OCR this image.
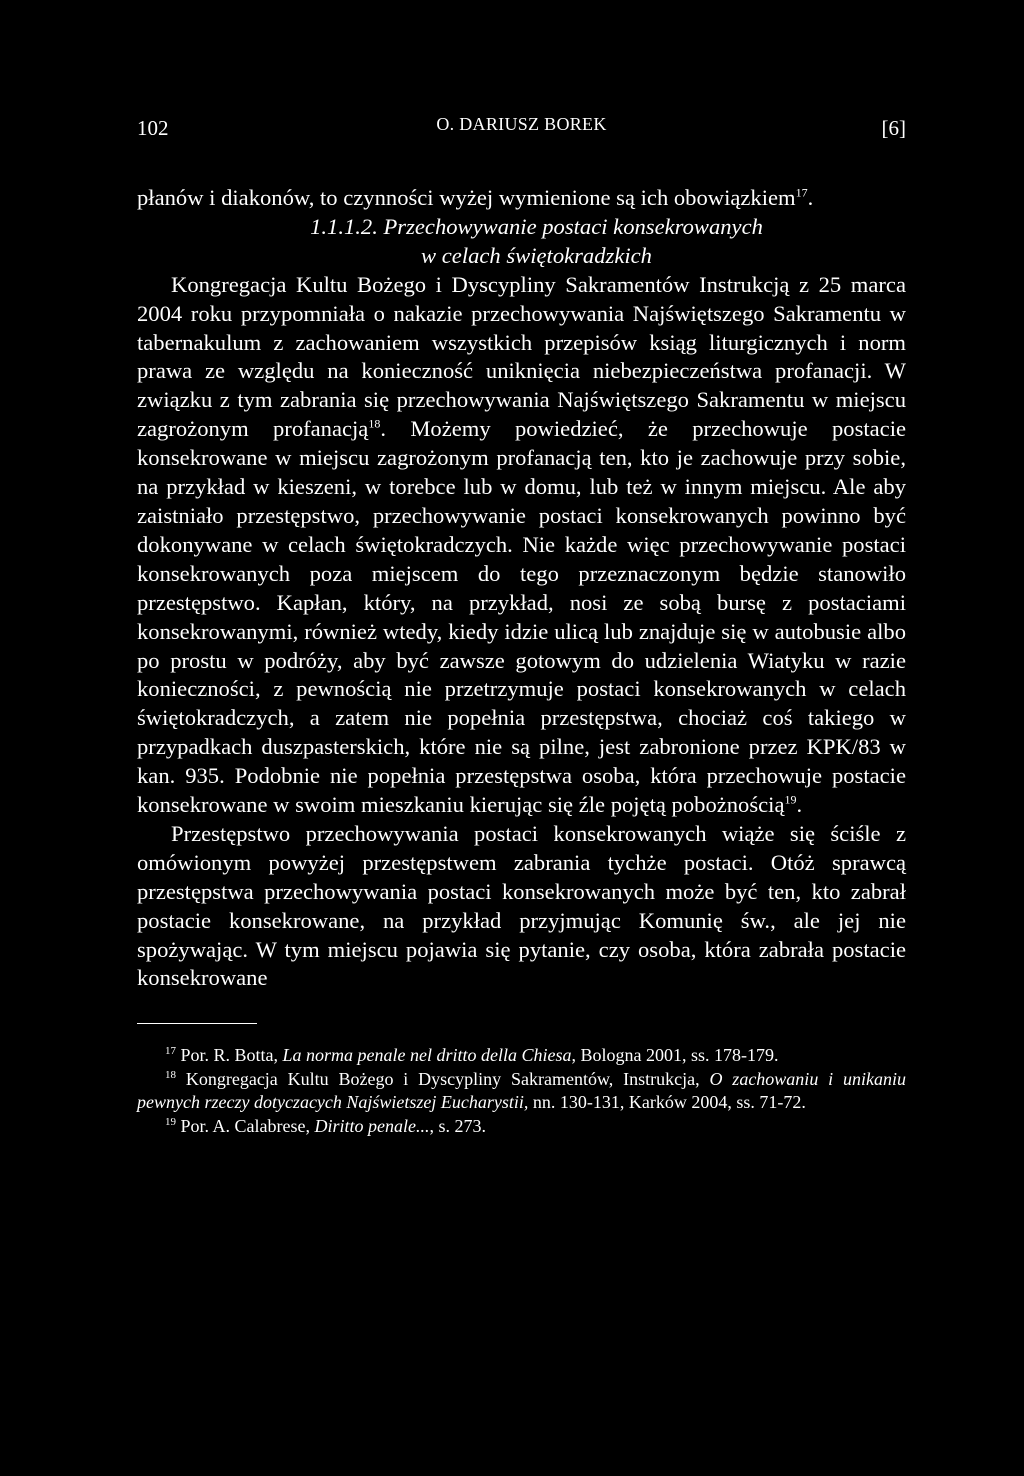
102	O. DARIUSZ BOREK	[6]

płanów i diakonów, to czynności wyżej wymienione są ich obowiązkiem$^{17}$.

1.1.1.2. Przechowywanie postaci konsekrowanych
w celach świętokradzkich

Kongregacja Kultu Bożego i Dyscypliny Sakramentów Instrukcją z 25 marca 2004 roku przypomniała o nakazie przechowywania Najświętszego Sakramentu w tabernakulum z zachowaniem wszystkich przepisów ksiąg liturgicznych i norm prawa ze względu na konieczność uniknięcia niebezpieczeństwa profanacji. W związku z tym zabrania się przechowywania Najświętszego Sakramentu w miejscu zagrożonym profanacją$^{18}$. Możemy powiedzieć, że przechowuje postacie konsekrowane w miejscu zagrożonym profanacją ten, kto je zachowuje przy sobie, na przykład w kieszeni, w torebce lub w domu, lub też w innym miejscu. Ale aby zaistniało przestępstwo, przechowywanie postaci konsekrowanych powinno być dokonywane w celach świętokradczych. Nie każde więc przechowywanie postaci konsekrowanych poza miejscem do tego przeznaczonym będzie stanowiło przestępstwo. Kapłan, który, na przykład, nosi ze sobą bursę z postaciami konsekrowanymi, również wtedy, kiedy idzie ulicą lub znajduje się w autobusie albo po prostu w podróży, aby być zawsze gotowym do udzielenia Wiatyku w razie konieczności, z pewnością nie przetrzymuje postaci konsekrowanych w celach świętokradczych, a zatem nie popełnia przestępstwa, chociaż coś takiego w przypadkach duszpasterskich, które nie są pilne, jest zabronione przez KPK/83 w kan. 935. Podobnie nie popełnia przestępstwa osoba, która przechowuje postacie konsekrowane w swoim mieszkaniu kierując się źle pojętą pobożnością$^{19}$.

Przestępstwo przechowywania postaci konsekrowanych wiąże się ściśle z omówionym powyżej przestępstwem zabrania tychże postaci. Otóż sprawcą przestępstwa przechowywania postaci konsekrowanych może być ten, kto zabrał postacie konsekrowane, na przykład przyjmując Komunię św., ale jej nie spożywając. W tym miejscu pojawia się pytanie, czy osoba, która zabrała postacie konsekrowane

$^{17}$ Por. R. Botta, La norma penale nel dritto della Chiesa, Bologna 2001, ss. 178-179.

$^{18}$ Kongregacja Kultu Bożego i Dyscypliny Sakramentów, Instrukcja, O zachowaniu i unikaniu pewnych rzeczy dotyczacych Najświetszej Eucharystii, nn. 130-131, Karków 2004, ss. 71-72.

$^{19}$ Por. A. Calabrese, Diritto penale..., s. 273.
